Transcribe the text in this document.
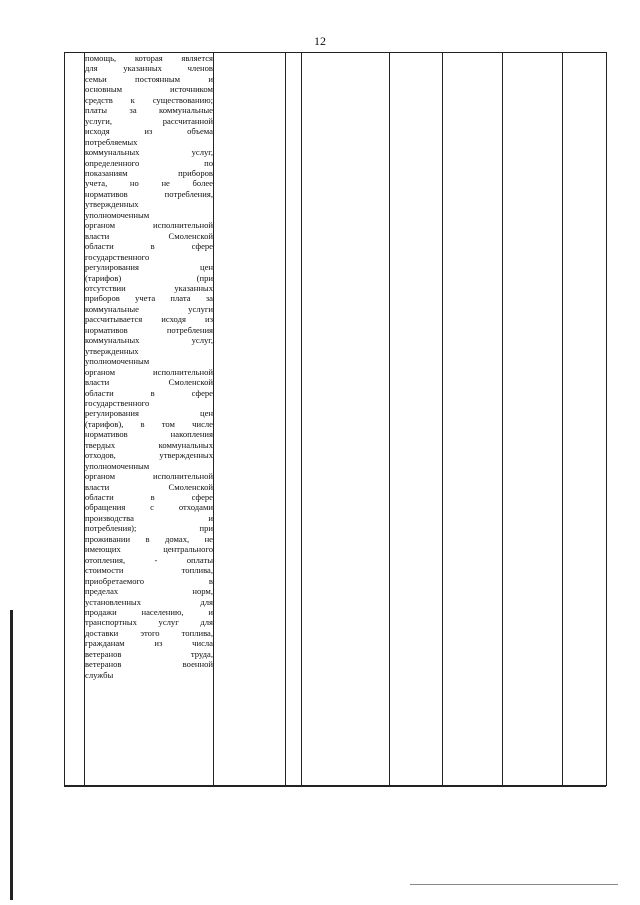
12

помощь, которая является
для указанных членов
семьи постоянным и
основным источником
средств к существованию;
платы за коммунальные
услуги, рассчитанной
исходя из объема
потребляемых
коммунальных услуг,
определенного по
показаниям приборов
учета, но не более
нормативов потребления,
утвержденных
уполномоченным
органом исполнительной
власти Смоленской
области в сфере
государственного
регулирования цен
(тарифов) (при
отсутствии указанных
приборов учета плата за
коммунальные услуги
рассчитывается исходя из
нормативов потребления
коммунальных услуг,
утвержденных
уполномоченным
органом исполнительной
власти Смоленской
области в сфере
государственного
регулирования цен
(тарифов), в том числе
нормативов накопления
твердых коммунальных
отходов, утвержденных
уполномоченным
органом исполнительной
власти Смоленской
области в сфере
обращения с отходами
производства и
потребления); при
проживании в домах, не
имеющих центрального
отопления, - оплаты
стоимости топлива,
приобретаемого в
пределах норм,
установленных для
продажи населению, и
транспортных услуг для
доставки этого топлива,
гражданам из числа
ветеранов труда,
ветеранов военной
службы
